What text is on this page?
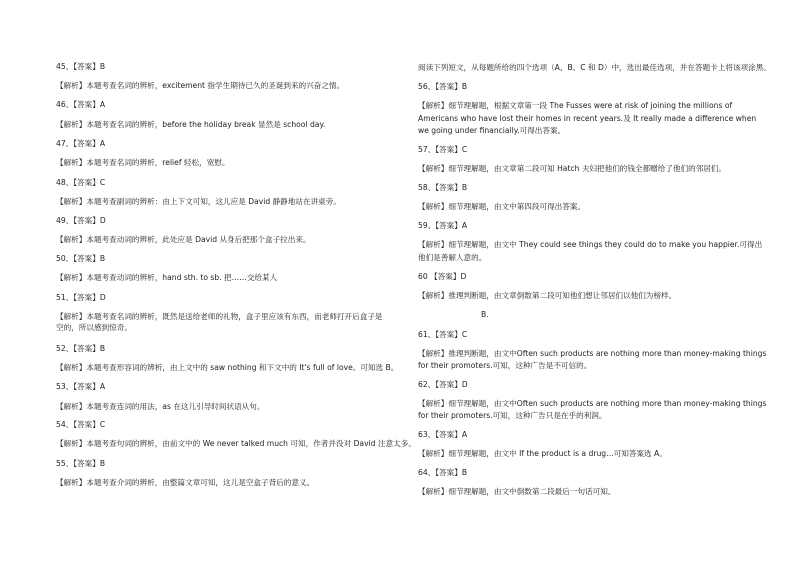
45、【答案】B
【解析】本题考查名词的辨析，excitement 指学生期待已久的圣诞到来的兴奋之情。
46、【答案】A
【解析】本题考查名词的辨析，before the holiday break 显然是 school day.
47、【答案】A
【解析】本题考查名词的辨析，relief 轻松，宽慰。
48、【答案】C
【解析】本题考查副词的辨析：由上下文可知，这儿应是 David 静静地站在讲桌旁。
49、【答案】D
【解析】本题考查动词的辨析，此处应是 David 从身后把那个盒子拉出来。
50、【答案】B
【解析】本题考查动词的辨析，hand sth. to sb. 把……交给某人
51、【答案】D
【解析】本题考查名词的辨析，既然是送给老师的礼物，盒子里应该有东西，而老师打开后盒子是空的，所以感到惊奇。
52、【答案】B
【解析】本题考查形容词的辨析，由上文中的 saw nothing 和下文中的 It's full of love。可知选 B。
53、【答案】A
【解析】本题考查连词的用法，as 在这儿引导时间状语从句。
54、【答案】C
【解析】本题考查句词的辨析，由前文中的 We never talked much 可知，作者并没对 David 注意太多。
55、【答案】B
【解析】本题考查介词的辨析，由整篇文章可知，这儿是空盒子背后的意义。
阅读下列短文，从每题所给的四个选项（A、B、C 和 D）中，选出最佳选项，并在答题卡上将该项涂黑。
56、【答案】B
【解析】细节理解题，根据文章第一段 The Fusses were at risk of joining the millions of
Americans who have lost their homes in recent years.及 It really made a difference when
we going under financially.可得出答案。
57、【答案】C
【解析】细节理解题，由文章第二段可知 Hatch 夫妇把他们的钱全都赠给了他们的邻居们。
58、【答案】B
【解析】细节理解题，由文中第四段可得出答案。
59、【答案】A
【解析】细节理解题，由文中 They could see things they could do to make you happier.可得出
他们是善解人意的。
60 【答案】D
【解析】推理判断题，由文章倒数第二段可知他们想让邻居们以他们为榜样。
B.
61、【答案】C
【解析】推理判断题，由文中Often such products are nothing more than money-making things
for their promoters.可知，这种广告是不可信的。
62、【答案】D
【解析】细节理解题，由文中Often such products are nothing more than money-making things
for their promoters.可知，这种广告只是在乎的利润。
63、【答案】A
【解析】细节理解题，由文中 If the product is a drug…可知答案选 A。
64、【答案】B
【解析】细节理解题，由文中倒数第二段最后一句话可知。
